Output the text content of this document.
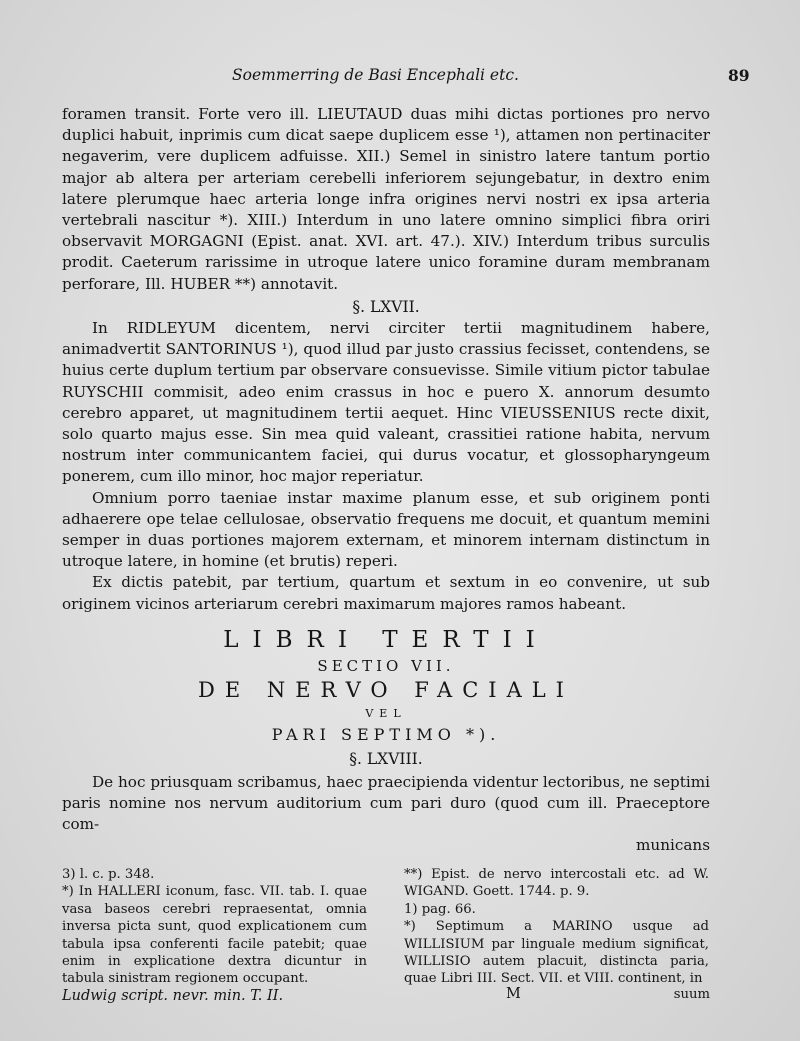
Soemmerring de Basi Encephali etc.	89

foramen transit. Forte vero ill. LIEUTAUD duas mihi dictas portiones pro nervo duplici habuit, inprimis cum dicat saepe duplicem esse ¹), attamen non pertinaciter negaverim, vere duplicem adfuisse. XII.) Semel in sinistro latere tantum portio major ab altera per arteriam cerebelli inferiorem sejungebatur, in dextro enim latere plerumque haec arteria longe infra origines nervi nostri ex ipsa arteria vertebrali nascitur *). XIII.) Interdum in uno latere omnino simplici fibra oriri observavit MORGAGNI (Epist. anat. XVI. art. 47.). XIV.) Interdum tribus surculis prodit. Caeterum rarissime in utroque latere unico foramine duram membranam perforare, Ill. HUBER **) annotavit.

§. LXVII.

In RIDLEYUM dicentem, nervi circiter tertii magnitudinem habere, animadvertit SANTORINUS ¹), quod illud par justo crassius fecisset, contendens, se huius certe duplum tertium par observare consuevisse. Simile vitium pictor tabulae RUYSCHII commisit, adeo enim crassus in hoc e puero X. annorum desumto cerebro apparet, ut magnitudinem tertii aequet. Hinc VIEUSSENIUS recte dixit, solo quarto majus esse. Sin mea quid valeant, crassitiei ratione habita, nervum nostrum inter communicantem faciei, qui durus vocatur, et glossopharyngeum ponerem, cum illo minor, hoc major reperiatur.

Omnium porro taeniae instar maxime planum esse, et sub originem ponti adhaerere ope telae cellulosae, observatio frequens me docuit, et quantum memini semper in duas portiones majorem externam, et minorem internam distinctum in utroque latere, in homine (et brutis) reperi.

Ex dictis patebit, par tertium, quartum et sextum in eo convenire, ut sub originem vicinos arteriarum cerebri maximarum majores ramos habeant.

LIBRI TERTII
SECTIO VII.
DE NERVO FACIALI
VEL
PARI SEPTIMO *).
§. LXVIII.

De hoc priusquam scribamus, haec praecipienda videntur lectoribus, ne septimi paris nomine nos nervum auditorium cum pari duro (quod cum ill. Praeceptore com-

municans

3) l. c. p. 348.

*) In HALLERI iconum, fasc. VII. tab. I. quae vasa baseos cerebri repraesentat, omnia inversa picta sunt, quod explicationem cum tabula ipsa conferenti facile patebit; quae enim in explicatione dextra dicuntur in tabula sinistram regionem occupant.

Ludwig script. nevr. min. T. II.

**) Epist. de nervo intercostali etc. ad W. WIGAND. Goett. 1744. p. 9.

1) pag. 66.

*) Septimum a MARINO usque ad WILLISIUM par linguale medium significat, WILLISIO autem placuit, distincta paria, quae Libri III. Sect. VII. et VIII. continent, in

M	suum
